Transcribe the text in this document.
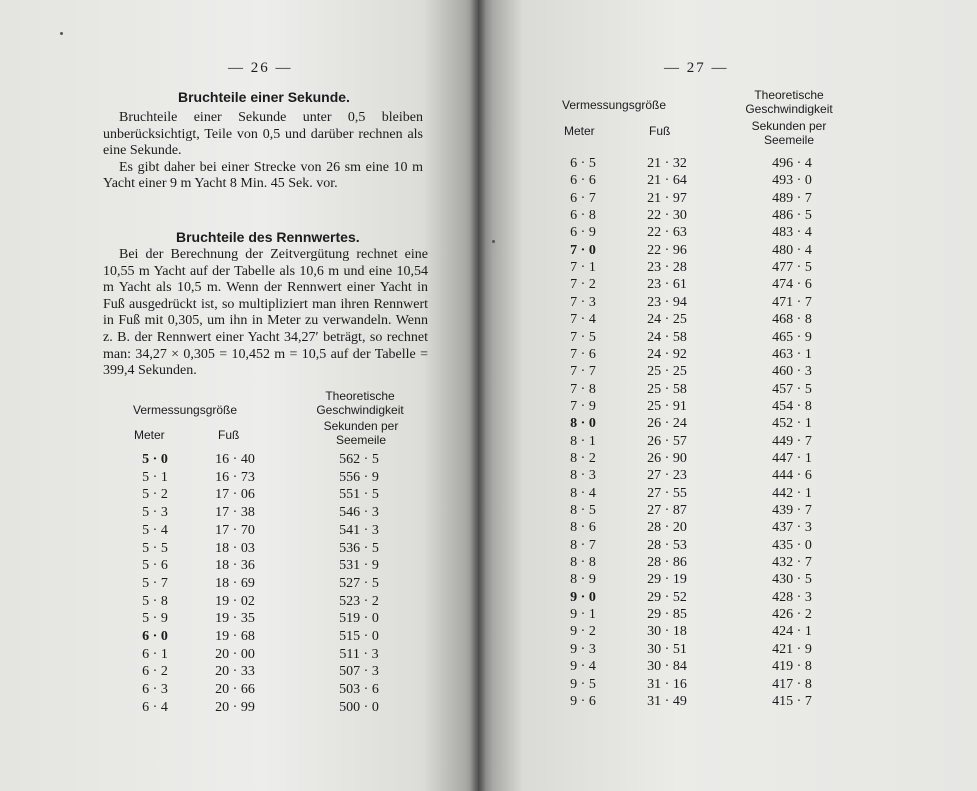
— 26 —
Bruchteile einer Sekunde.

Bruchteile einer Sekunde unter 0,5 bleiben unberücksichtigt, Teile von 0,5 und darüber rechnen als eine Sekunde.

Es gibt daher bei einer Strecke von 26 sm eine 10 m Yacht einer 9 m Yacht 8 Min. 45 Sek. vor.

Bruchteile des Rennwertes.

Bei der Berechnung der Zeitvergütung rechnet eine 10,55 m Yacht auf der Tabelle als 10,6 m und eine 10,54 m Yacht als 10,5 m. Wenn der Rennwert einer Yacht in Fuß ausgedrückt ist, so multipliziert man ihren Rennwert in Fuß mit 0,305, um ihn in Meter zu verwandeln. Wenn z. B. der Rennwert einer Yacht 34,27′ beträgt, so rechnet man: 34,27 × 0,305 = 10,452 m = 10,5 auf der Tabelle = 399,4 Sekunden.

Vermessungsgröße
Meter	Fuß
Theoretische Geschwindigkeit
Sekunden per Seemeile
5 · 0	16 · 40	562 · 5
5 · 1	16 · 73	556 · 9
5 · 2	17 · 06	551 · 5
5 · 3	17 · 38	546 · 3
5 · 4	17 · 70	541 · 3
5 · 5	18 · 03	536 · 5
5 · 6	18 · 36	531 · 9
5 · 7	18 · 69	527 · 5
5 · 8	19 · 02	523 · 2
5 · 9	19 · 35	519 · 0
6 · 0	19 · 68	515 · 0
6 · 1	20 · 00	511 · 3
6 · 2	20 · 33	507 · 3
6 · 3	20 · 66	503 · 6
6 · 4	20 · 99	500 · 0
— 27 —
Vermessungsgröße
Meter	Fuß
Theoretische Geschwindigkeit
Sekunden per Seemeile
6 · 5	21 · 32	496 · 4
6 · 6	21 · 64	493 · 0
6 · 7	21 · 97	489 · 7
6 · 8	22 · 30	486 · 5
6 · 9	22 · 63	483 · 4
7 · 0	22 · 96	480 · 4
7 · 1	23 · 28	477 · 5
7 · 2	23 · 61	474 · 6
7 · 3	23 · 94	471 · 7
7 · 4	24 · 25	468 · 8
7 · 5	24 · 58	465 · 9
7 · 6	24 · 92	463 · 1
7 · 7	25 · 25	460 · 3
7 · 8	25 · 58	457 · 5
7 · 9	25 · 91	454 · 8
8 · 0	26 · 24	452 · 1
8 · 1	26 · 57	449 · 7
8 · 2	26 · 90	447 · 1
8 · 3	27 · 23	444 · 6
8 · 4	27 · 55	442 · 1
8 · 5	27 · 87	439 · 7
8 · 6	28 · 20	437 · 3
8 · 7	28 · 53	435 · 0
8 · 8	28 · 86	432 · 7
8 · 9	29 · 19	430 · 5
9 · 0	29 · 52	428 · 3
9 · 1	29 · 85	426 · 2
9 · 2	30 · 18	424 · 1
9 · 3	30 · 51	421 · 9
9 · 4	30 · 84	419 · 8
9 · 5	31 · 16	417 · 8
9 · 6	31 · 49	415 · 7
